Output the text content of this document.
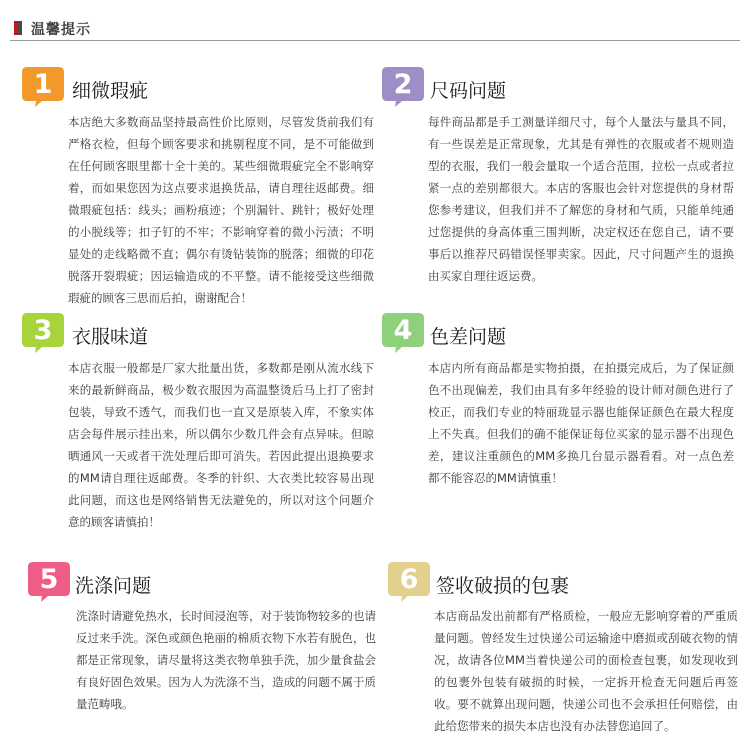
温馨提示
1	细微瑕疵
本店绝大多数商品坚持最高性价比原则，尽管发货前我们有严格衣检，但每个顾客要求和挑剔程度不同，是不可能做到在任何顾客眼里都十全十美的。某些细微瑕疵完全不影响穿着，而如果您因为这点要求退换货品，请自理往返邮费。细微瑕疵包括：线头；画粉痕迹；个别漏针、跳针；极好处理的小脱线等；扣子钉的不牢；不影响穿着的微小污渍；不明显处的走线略微不直；偶尔有烫钻装饰的脱落；细微的印花脱落开裂瑕疵；因运输造成的不平整。请不能接受这些细微瑕疵的顾客三思而后拍，谢谢配合！
2 尺码问题
每件商品都是手工测量详细尺寸，每个人量法与量具不同，有一些误差是正常现象，尤其是有弹性的衣服或者不规则造型的衣服，我们一般会量取一个适合范围，拉松一点或者拉紧一点的差别都很大。本店的客服也会针对您提供的身材帮您参考建议，但我们并不了解您的身材和气质，只能单纯通过您提供的身高体重三围判断，决定权还在您自己，请不要事后以推荐尺码错误怪罪卖家。因此，尺寸问题产生的退换由买家自理往返运费。
3	衣服味道
本店衣服一般都是厂家大批量出货，多数都是刚从流水线下来的最新鲜商品，极少数衣服因为高温整烫后马上打了密封包装，导致不透气，而我们也一直又是原装入库，不象实体店会每件展示挂出来，所以偶尔少数几件会有点异味。但晾晒通风一天或者干洗处理后即可消失。若因此提出退换要求的MM请自理往返邮费。冬季的针织、大衣类比较容易出现此问题，而这也是网络销售无法避免的，所以对这个问题介意的顾客请慎拍！
4 色差问题
本店内所有商品都是实物拍摄，在拍摄完成后，为了保证颜色不出现偏差，我们由具有多年经验的设计师对颜色进行了校正，而我们专业的特丽珑显示器也能保证颜色在最大程度上不失真。但我们的确不能保证每位买家的显示器不出现色差，建议注重颜色的MM多换几台显示器看看。对一点色差都不能容忍的MM请慎重！
5 洗涤问题
洗涤时请避免热水，长时间浸泡等，对于装饰物较多的也请反过来手洗。深色或颜色艳丽的棉质衣物下水若有脱色，也都是正常现象，请尽量将这类衣物单独手洗，加少量食盐会有良好固色效果。因为人为洗涤不当，造成的问题不属于质量范畴哦。
6 签收破损的包裹
本店商品发出前都有严格质检，一般应无影响穿着的严重质量问题。曾经发生过快递公司运输途中磨损或刮破衣物的情况，故请各位MM当着快递公司的面检查包裹，如发现收到的包裹外包装有破损的时候，一定拆开检查无问题后再签收。要不就算出现问题，快递公司也不会承担任何赔偿，由此给您带来的损失本店也没有办法替您追回了。
